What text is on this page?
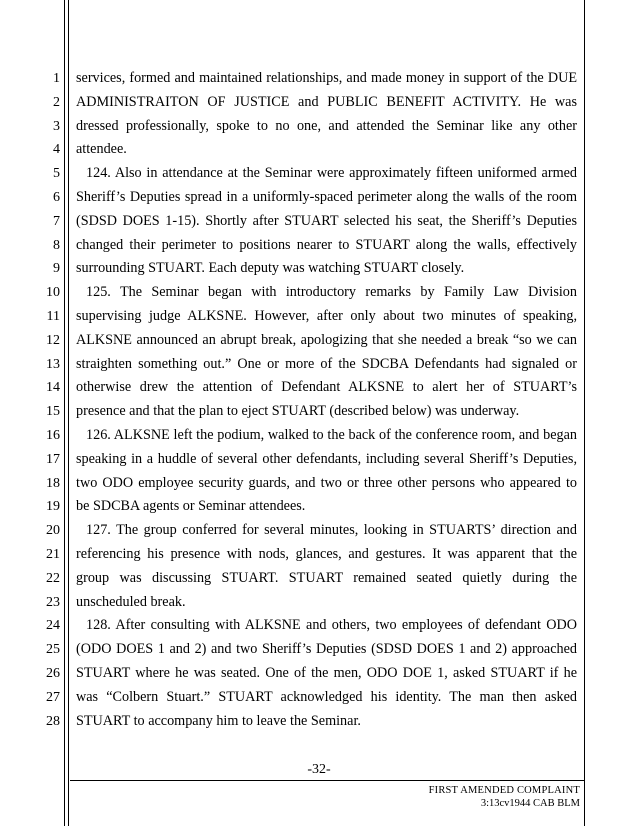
1
2
3
4
5
6
7
8
9
10
11
12
13
14
15
16
17
18
19
20
21
22
23
24
25
26
27
28
services, formed and maintained relationships, and made money in support of the DUE
ADMINISTRAITON OF JUSTICE and PUBLIC BENEFIT ACTIVITY. He was
dressed professionally, spoke to no one, and attended the Seminar like any other
attendee.
124. Also in attendance at the Seminar were approximately fifteen uniformed armed
Sheriff’s Deputies spread in a uniformly-spaced perimeter along the walls of the room
(SDSD DOES 1-15). Shortly after STUART selected his seat, the Sheriff’s Deputies
changed their perimeter to positions nearer to STUART along the walls, effectively
surrounding STUART. Each deputy was watching STUART closely.
125. The Seminar began with introductory remarks by Family Law Division
supervising judge ALKSNE. However, after only about two minutes of speaking,
ALKSNE announced an abrupt break, apologizing that she needed a break “so we can
straighten something out.” One or more of the SDCBA Defendants had signaled or
otherwise drew the attention of Defendant ALKSNE to alert her of STUART’s
presence and that the plan to eject STUART (described below) was underway.
126. ALKSNE left the podium, walked to the back of the conference room, and began
speaking in a huddle of several other defendants, including several Sheriff’s Deputies,
two ODO employee security guards, and two or three other persons who appeared to
be SDCBA agents or Seminar attendees.
127. The group conferred for several minutes, looking in STUARTS’ direction and
referencing his presence with nods, glances, and gestures. It was apparent that the
group was discussing STUART. STUART remained seated quietly during the
unscheduled break.
128. After consulting with ALKSNE and others, two employees of defendant ODO
(ODO DOES 1 and 2) and two Sheriff’s Deputies (SDSD DOES 1 and 2) approached
STUART where he was seated. One of the men, ODO DOE 1, asked STUART if he
was “Colbern Stuart.” STUART acknowledged his identity. The man then asked
STUART to accompany him to leave the Seminar.
-32-
FIRST AMENDED COMPLAINT
3:13cv1944 CAB BLM
